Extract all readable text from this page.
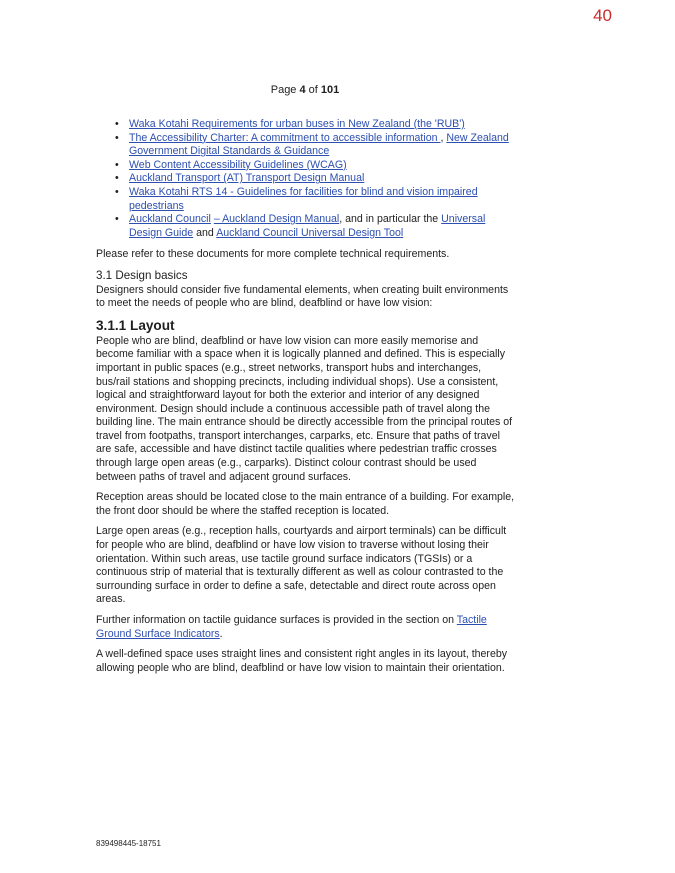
40
Page 4 of 101
• Waka Kotahi Requirements for urban buses in New Zealand (the 'RUB')
• The Accessibility Charter: A commitment to accessible information , New Zealand Government Digital Standards & Guidance
• Web Content Accessibility Guidelines (WCAG)
• Auckland Transport (AT) Transport Design Manual
• Waka Kotahi RTS 14 - Guidelines for facilities for blind and vision impaired pedestrians
• Auckland Council – Auckland Design Manual, and in particular the Universal Design Guide and Auckland Council Universal Design Tool

Please refer to these documents for more complete technical requirements.

3.1 Design basics

Designers should consider five fundamental elements, when creating built environments to meet the needs of people who are blind, deafblind or have low vision:

3.1.1 Layout

People who are blind, deafblind or have low vision can more easily memorise and become familiar with a space when it is logically planned and defined. This is especially important in public spaces (e.g., street networks, transport hubs and interchanges, bus/rail stations and shopping precincts, including individual shops). Use a consistent, logical and straightforward layout for both the exterior and interior of any designed environment. Design should include a continuous accessible path of travel along the building line. The main entrance should be directly accessible from the principal routes of travel from footpaths, transport interchanges, carparks, etc. Ensure that paths of travel are safe, accessible and have distinct tactile qualities where pedestrian traffic crosses through large open areas (e.g., carparks). Distinct colour contrast should be used between paths of travel and adjacent ground surfaces.

Reception areas should be located close to the main entrance of a building. For example, the front door should be where the staffed reception is located.

Large open areas (e.g., reception halls, courtyards and airport terminals) can be difficult for people who are blind, deafblind or have low vision to traverse without losing their orientation. Within such areas, use tactile ground surface indicators (TGSIs) or a continuous strip of material that is texturally different as well as colour contrasted to the surrounding surface in order to define a safe, detectable and direct route across open areas.

Further information on tactile guidance surfaces is provided in the section on Tactile Ground Surface Indicators.

A well-defined space uses straight lines and consistent right angles in its layout, thereby allowing people who are blind, deafblind or have low vision to maintain their orientation.

839498445-18751
